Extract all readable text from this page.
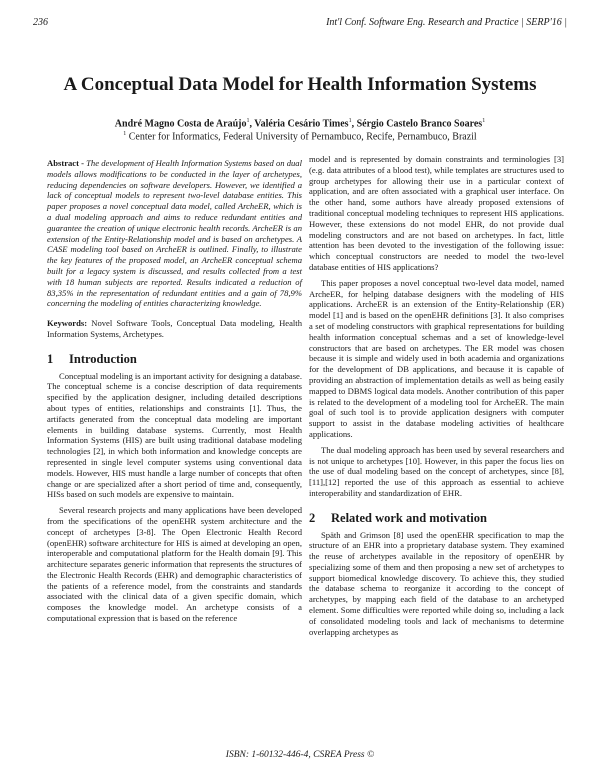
236	Int'l Conf. Software Eng. Research and Practice | SERP'16 |
A Conceptual Data Model for Health Information Systems
André Magno Costa de Araújo$^1$, Valéria Cesário Times$^1$, Sérgio Castelo Branco Soares$^1$
$^1$ Center for Informatics, Federal University of Pernambuco, Recife, Pernambuco, Brazil

Abstract - The development of Health Information Systems based on dual models allows modifications to be conducted in the layer of archetypes, reducing dependencies on software developers. However, we identified a lack of conceptual models to represent two-level database entities. This paper proposes a novel conceptual data model, called ArcheER, which is a dual modeling approach and aims to reduce redundant entities and guarantee the creation of unique electronic health records. ArcheER is an extension of the Entity-Relationship model and is based on archetypes. A CASE modeling tool based on ArcheER is outlined. Finally, to illustrate the key features of the proposed model, an ArcheER conceptual schema built for a legacy system is discussed, and results collected from a test with 18 human subjects are reported. Results indicated a reduction of 83,35% in the representation of redundant entities and a gain of 78,9% concerning the modeling of entities characterizing knowledge.

Keywords: Novel Software Tools, Conceptual Data modeling, Health Information Systems, Archetypes.

1 Introduction

Conceptual modeling is an important activity for designing a database. The conceptual scheme is a concise description of data requirements specified by the application designer, including detailed descriptions about types of entities, relationships and constraints [1]. Thus, the artifacts generated from the conceptual data modeling are important elements in building database systems. Currently, most Health Information Systems (HIS) are built using traditional database modeling technologies [2], in which both information and knowledge concepts are represented in single level computer systems using conventional data models. However, HIS must handle a large number of concepts that often change or are specialized after a short period of time and, consequently, HISs based on such models are expensive to maintain.

Several research projects and many applications have been developed from the specifications of the openEHR system architecture and the concept of archetypes [3-8]. The Open Electronic Health Record (openEHR) software architecture for HIS is aimed at developing an open, interoperable and computational platform for the Health domain [9]. This architecture separates generic information that represents the structures of the Electronic Health Records (EHR) and demographic characteristics of the patients of a reference model, from the constraints and standards associated with the clinical data of a given specific domain, which composes the knowledge model. An archetype consists of a computational expression that is based on the reference

model and is represented by domain constraints and terminologies [3] (e.g. data attributes of a blood test), while templates are structures used to group archetypes for allowing their use in a particular context of application, and are often associated with a graphical user interface. On the other hand, some authors have already proposed extensions of traditional conceptual modeling techniques to represent HIS applications. However, these extensions do not model EHR, do not provide dual modeling constructors and are not based on archetypes. In fact, little attention has been devoted to the investigation of the following issue: which conceptual constructors are needed to model the two-level database entities of HIS applications?

This paper proposes a novel conceptual two-level data model, named ArcheER, for helping database designers with the modeling of HIS applications. ArcheER is an extension of the Entity-Relationship (ER) model [1] and is based on the openEHR definitions [3]. It also comprises a set of modeling constructors with graphical representations for building health information conceptual schemas and a set of knowledge-level constructors that are based on archetypes. The ER model was chosen because it is simple and widely used in both academia and organizations for the development of DB applications, and because it is capable of providing an abstraction of implementation details as well as being easily mapped to DBMS logical data models. Another contribution of this paper is related to the development of a modeling tool for ArcheER. The main goal of such tool is to provide application designers with computer support to assist in the database modeling activities of healthcare applications.

The dual modeling approach has been used by several researchers and is not unique to archetypes [10]. However, in this paper the focus lies on the use of dual modeling based on the concept of archetypes, since [8],[11],[12] reported the use of this approach as essential to achieve interoperability and standardization of EHR.

2 Related work and motivation

Späth and Grimson [8] used the openEHR specification to map the structure of an EHR into a proprietary database system. They examined the reuse of archetypes available in the repository of openEHR by specializing some of them and then proposing a new set of archetypes to support biomedical knowledge discovery. To achieve this, they studied the database schema to reorganize it according to the concept of archetypes, by mapping each field of the database to an archetyped element. Some difficulties were reported while doing so, including a lack of consolidated modeling tools and lack of mechanisms to determine overlapping archetypes as

ISBN: 1-60132-446-4, CSREA Press ©
